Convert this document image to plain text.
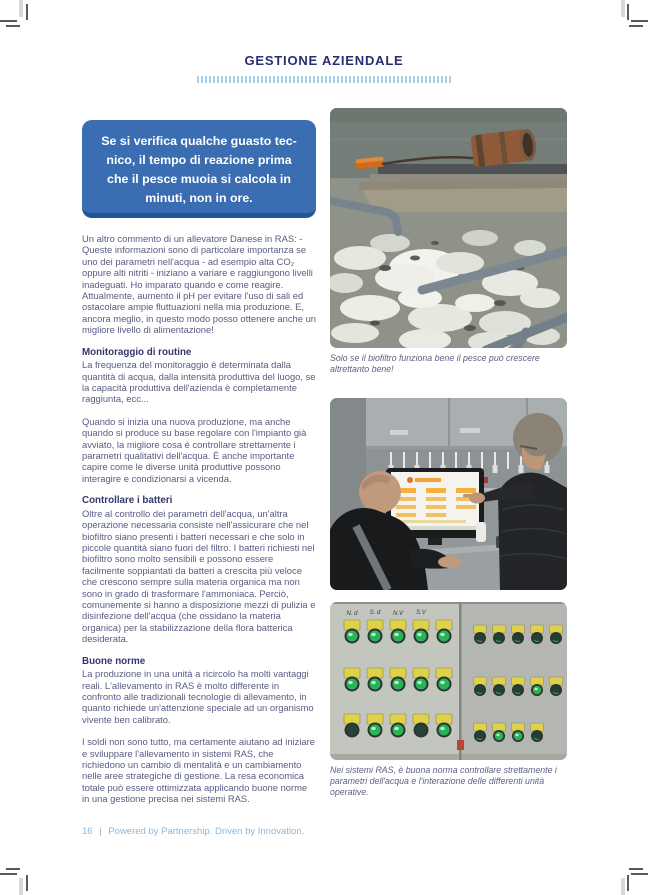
GESTIONE AZIENDALE
Se si verifica qualche guasto tec-
nico, il tempo di reazione prima
che il pesce muoia si calcola in
minuti, non in ore.

Un altro commento di un allevatore Danese in RAS: - Queste informazioni sono di particolare importanza se uno dei parametri nell'acqua - ad esempio alta CO₂ oppure alti nitriti - iniziano a variare e raggiungono livelli inadeguati. Ho imparato quando e come reagire. Attualmente, aumento il pH per evitare l'uso di sali ed ostacolare ampie fluttuazioni nella mia produzione. E, ancora meglio, in questo modo posso ottenere anche un migliore livello di alimentazione!

Monitoraggio di routine

La frequenza del monitoraggio è determinata dalla quantità di acqua, dalla intensità produttiva del luogo, se la capacità produttiva dell'azienda è completamente raggiunta, ecc...

Quando si inizia una nuova produzione, ma anche quando si produce su base regolare con l'impianto già avviato, la migliore cosa è controllare strettamente i parametri qualitativi dell'acqua. È anche importante capire come le diverse unità produttive possono interagire e condizionarsi a vicenda.

Controllare i batteri

Oltre al controllo dei parametri dell'acqua, un'altra operazione necessaria consiste nell'assicurare che nel biofiltro siano presenti i batteri necessari e che solo in piccole quantità siano fuori del filtro. I batteri richiesti nel biofiltro sono molto sensibili e possono essere facilmente soppiantati da batteri a crescita più veloce che crescono sempre sulla materia organica ma non sono in grado di trasformare l'ammoniaca. Perciò, comunemente si hanno a disposizione mezzi di pulizia e disinfezione dell'acqua (che ossidano la materia organica) per la stabilizzazione della flora batterica desiderata.

Buone norme

La produzione in una unità a ricircolo ha molti vantaggi reali. L'allevamento in RAS è molto differente in confronto alle tradizionali tecnologie di allevamento, in quanto richiede un'attenzione speciale ad un organismo vivente ben calibrato.

I soldi non sono tutto, ma certamente aiutano ad iniziare e sviluppare l'allevamento in sistemi RAS, che richiedono un cambio di mentalità e un cambiamento nelle aree strategiche di gestione. La resa economica totale può essere ottimizzata applicando buone norme in una gestione precisa nei sistemi RAS.

Solo se il biofiltro funziona bene il pesce può crescere altrettanto bene!
N. d S. d N.V S.V
Nei sistemi RAS, è buona norma controllare strettamente i parametri dell'acqua e l'interazione delle differenti unità operative.
16 | Powered by Partnership. Driven by Innovation.
